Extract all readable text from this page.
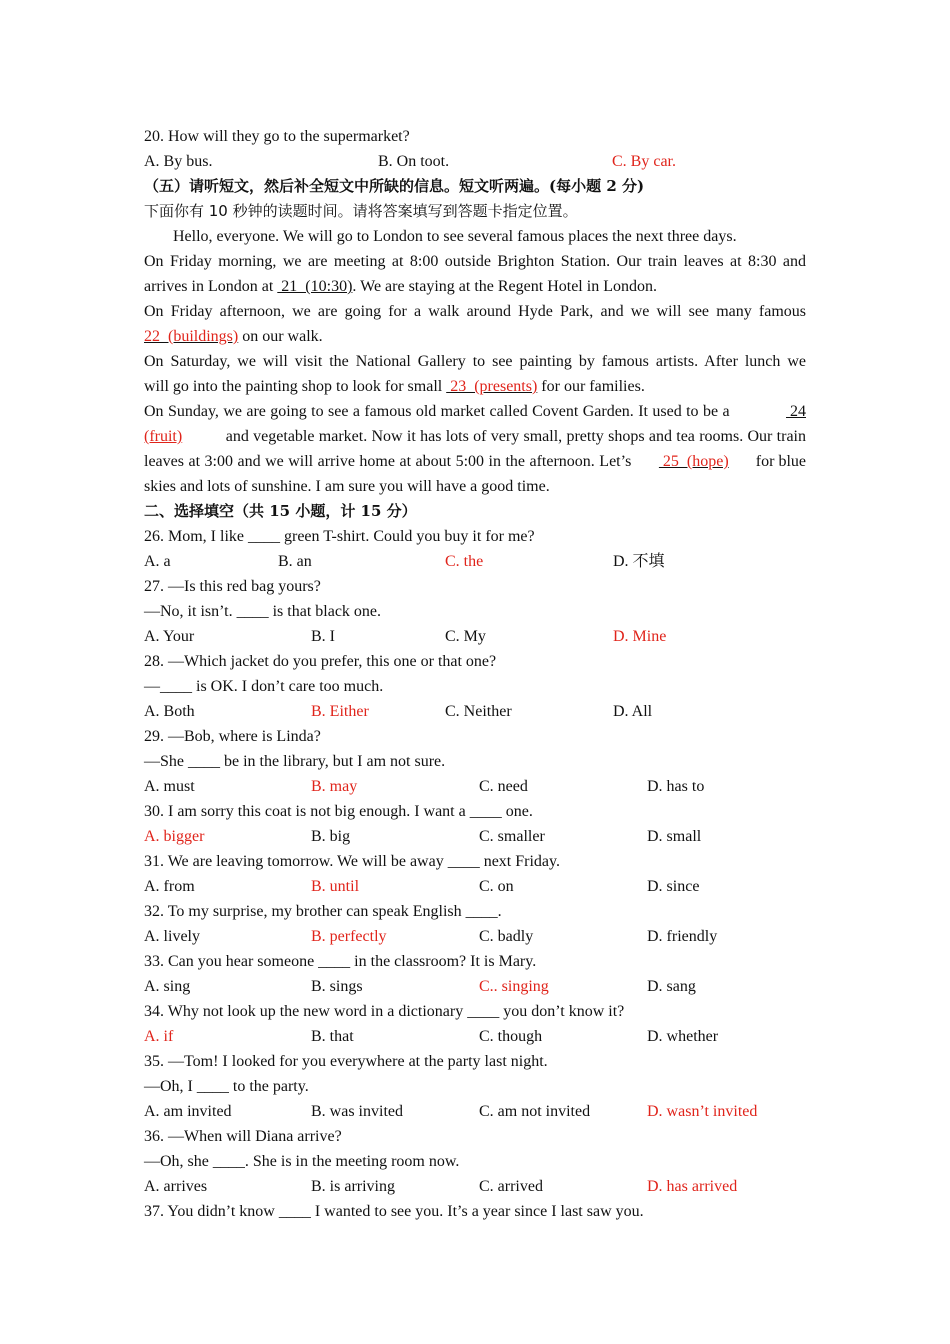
20. How will they go to the supermarket?
A. By bus.	B. On toot.	C. By car.
（五）请听短文，然后补全短文中所缺的信息。短文听两遍。(每小题 2 分)
下面你有 10 秒钟的读题时间。请将答案填写到答题卡指定位置。
Hello, everyone. We will go to London to see several famous places the next three days.
On Friday morning, we are meeting at 8:00 outside Brighton Station. Our train leaves at 8:30 and
arrives in London at  21  (10:30). We are staying at the Regent Hotel in London.
On Friday afternoon, we are going for a walk around Hyde Park, and we will see many famous
22  (buildings) on our walk.
On Saturday, we will visit the National Gallery to see painting by famous artists. After lunch we
will go into the painting shop to look for small  23  (presents) for our families.
On Sunday, we are going to see a famous old market called Covent Garden. It used to be a	24
(fruit) and vegetable market. Now it has lots of very small, pretty shops and tea rooms. Our train
leaves at 3:00 and we will arrive home at about 5:00 in the afternoon. Let’s 25  (hope) for blue
skies and lots of sunshine. I am sure you will have a good time.
二、选择填空（共 15 小题，计 15 分）
26. Mom, I like ____ green T-shirt. Could you buy it for me?
A. a	B. an	C. the	D. 不填
27. —Is this red bag yours?
—No, it isn’t. ____ is that black one.
A. Your	B. I	C. My	D. Mine
28. —Which jacket do you prefer, this one or that one?
—____ is OK. I don’t care too much.
A. Both	B. Either	C. Neither	D. All
29. —Bob, where is Linda?
—She ____ be in the library, but I am not sure.
A. must	B. may	C. need	D. has to
30. I am sorry this coat is not big enough. I want a ____ one.
A. bigger	B. big	C. smaller	D. small
31. We are leaving tomorrow. We will be away ____ next Friday.
A. from	B. until	C. on	D. since
32. To my surprise, my brother can speak English ____.
A. lively	B. perfectly	C. badly	D. friendly
33. Can you hear someone ____ in the classroom? It is Mary.
A. sing	B. sings	C.. singing	D. sang
34. Why not look up the new word in a dictionary ____ you don’t know it?
A. if	B. that	C. though	D. whether
35. —Tom! I looked for you everywhere at the party last night.
—Oh, I ____ to the party.
A. am invited	B. was invited	C. am not invited	D. wasn’t invited
36. —When will Diana arrive?
—Oh, she ____. She is in the meeting room now.
A. arrives	B. is arriving	C. arrived	D. has arrived
37. You didn’t know ____ I wanted to see you. It’s a year since I last saw you.
